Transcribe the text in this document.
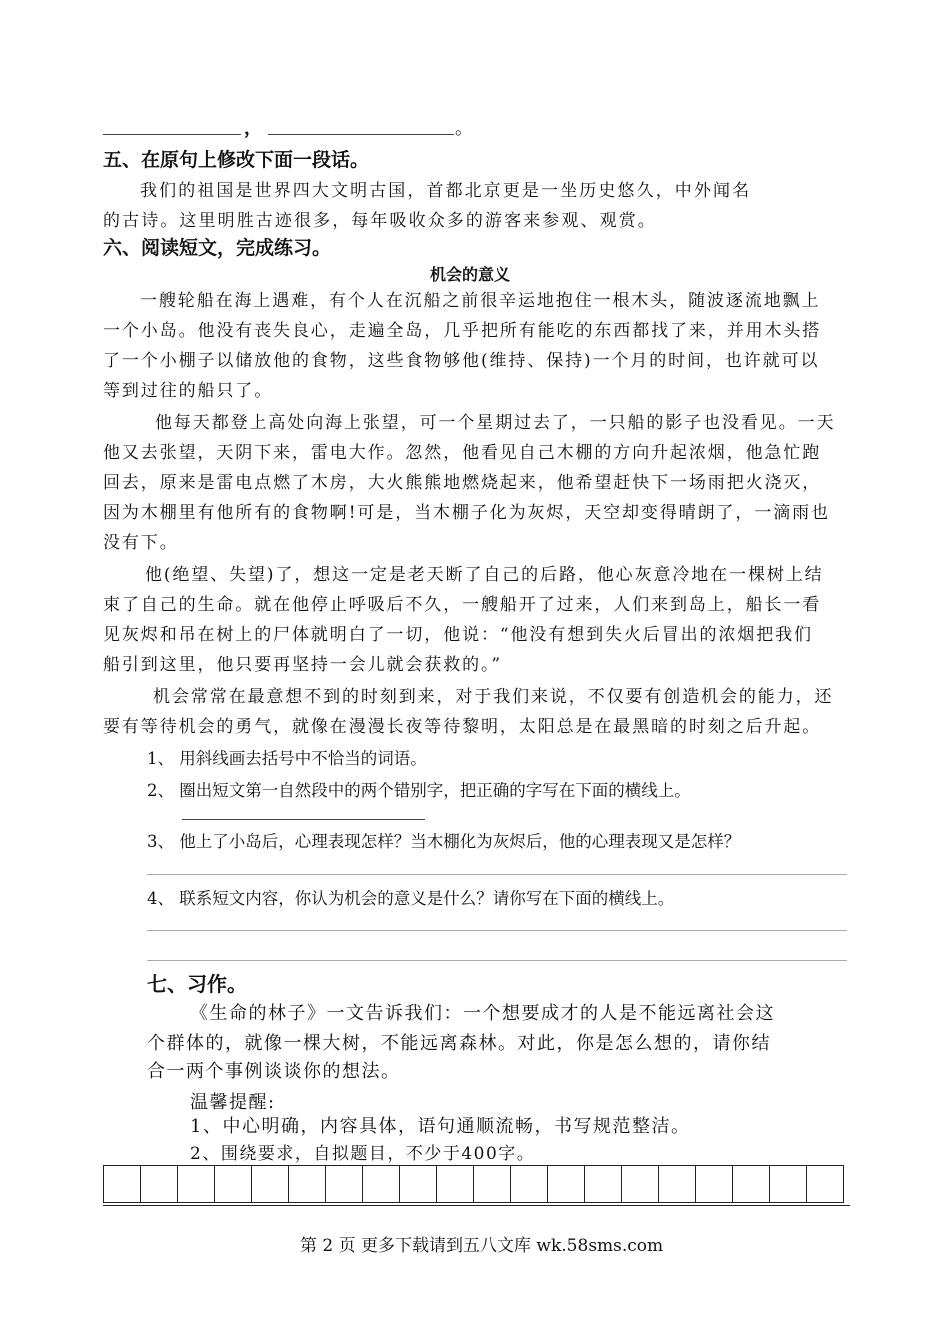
，	。
五、在原句上修改下面一段话。
我们的祖国是世界四大文明古国，首都北京更是一坐历史悠久，中外闻名
的古诗。这里明胜古迹很多，每年吸收众多的游客来参观、观赏。
六、阅读短文，完成练习。
机会的意义
一艘轮船在海上遇难，有个人在沉船之前很辛运地抱住一根木头，随波逐流地飘上
一个小岛。他没有丧失良心，走遍全岛，几乎把所有能吃的东西都找了来，并用木头搭
了一个小棚子以储放他的食物，这些食物够他(维持、保持)一个月的时间，也许就可以
等到过往的船只了。
他每天都登上高处向海上张望，可一个星期过去了，一只船的影子也没看见。一天
他又去张望，天阴下来，雷电大作。忽然，他看见自己木棚的方向升起浓烟，他急忙跑
回去，原来是雷电点燃了木房，大火熊熊地燃烧起来，他希望赶快下一场雨把火浇灭，
因为木棚里有他所有的食物啊!可是，当木棚子化为灰烬，天空却变得晴朗了，一滴雨也
没有下。
他(绝望、失望)了，想这一定是老天断了自己的后路，他心灰意冷地在一棵树上结
束了自己的生命。就在他停止呼吸后不久，一艘船开了过来，人们来到岛上，船长一看
见灰烬和吊在树上的尸体就明白了一切，他说：“他没有想到失火后冒出的浓烟把我们
船引到这里，他只要再坚持一会儿就会获救的。”
机会常常在最意想不到的时刻到来，对于我们来说，不仅要有创造机会的能力，还
要有等待机会的勇气，就像在漫漫长夜等待黎明，太阳总是在最黑暗的时刻之后升起。
1、 用斜线画去括号中不恰当的词语。
2、 圈出短文第一自然段中的两个错别字，把正确的字写在下面的横线上。
3、 他上了小岛后，心理表现怎样？当木棚化为灰烬后，他的心理表现又是怎样？
4、 联系短文内容，你认为机会的意义是什么？请你写在下面的横线上。
七、习作。
《生命的林子》一文告诉我们：一个想要成才的人是不能远离社会这
个群体的，就像一棵大树，不能远离森林。对此，你是怎么想的，请你结
合一两个事例谈谈你的想法。
温馨提醒:
1、中心明确，内容具体，语句通顺流畅，书写规范整洁。
2、围绕要求，自拟题目，不少于400字。
第 2 页 更多下载请到五八文库 wk.58sms.com
